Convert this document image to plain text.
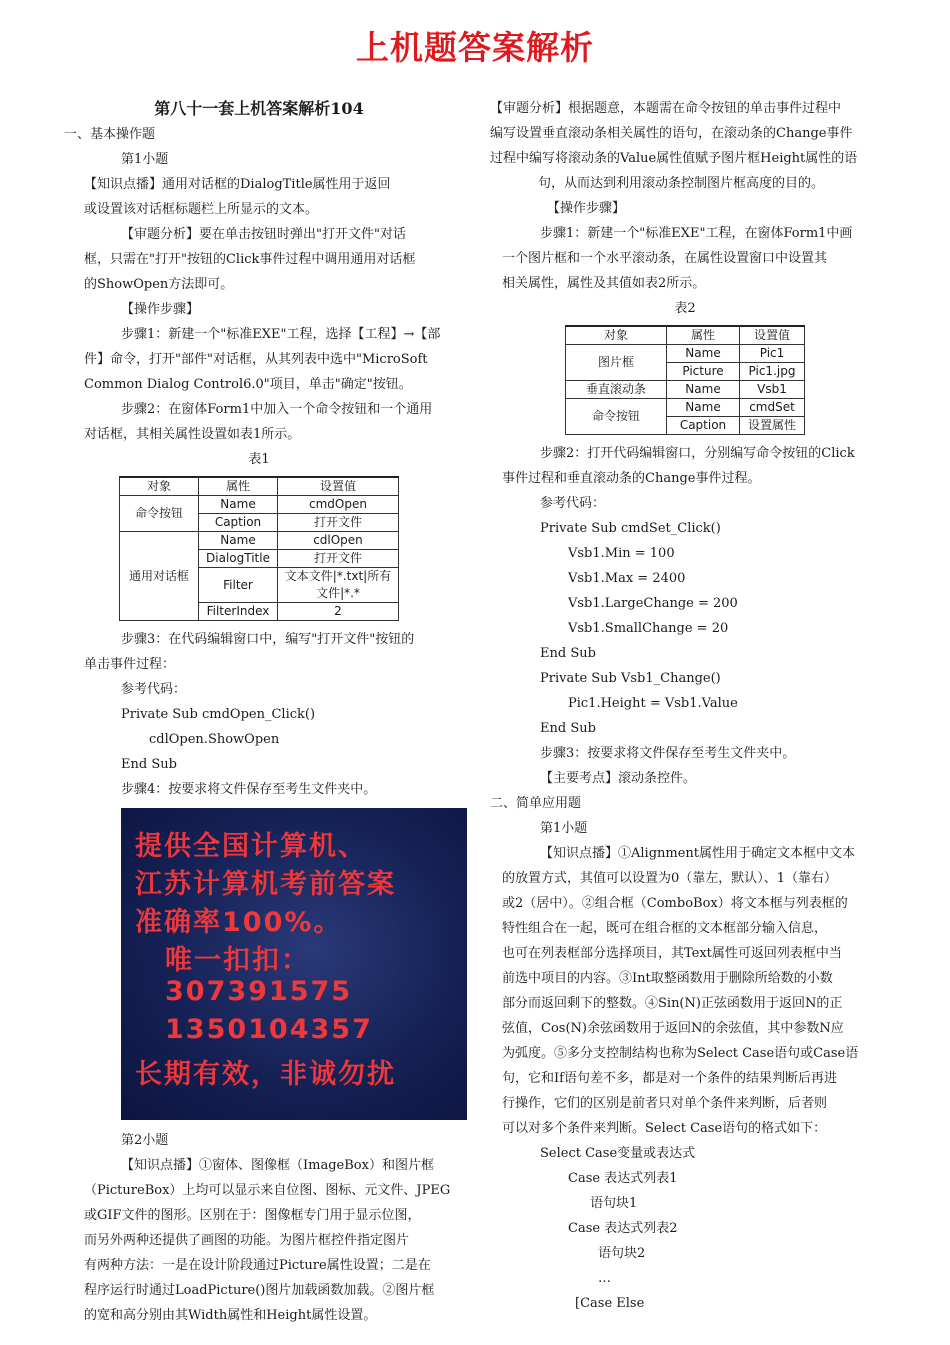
上机题答案解析
第八十一套上机答案解析104
一、基本操作题
第1小题
【知识点播】通用对话框的DialogTitle属性用于返回
或设置该对话框标题栏上所显示的文本。
【审题分析】要在单击按钮时弹出"打开文件"对话
框，只需在"打开"按钮的Click事件过程中调用通用对话框
的ShowOpen方法即可。
【操作步骤】
步骤1：新建一个"标准EXE"工程，选择【工程】→【部
件】命令，打开"部件"对话框，从其列表中选中"MicroSoft
Common Dialog Control6.0"项目，单击"确定"按钮。
步骤2：在窗体Form1中加入一个命令按钮和一个通用
对话框，其相关属性设置如表1所示。
表1
对象	属性	设置值
命令按钮	Name	cmdOpen
	Caption	打开文件
通用对话框	Name	cdlOpen
	DialogTitle	打开文件
	Filter	文本文件|*.txt|所有文件|*.*
	FilterIndex	2
步骤3：在代码编辑窗口中，编写"打开文件"按钮的
单击事件过程：
参考代码：
Private Sub cmdOpen_Click()
cdlOpen.ShowOpen
End Sub
步骤4：按要求将文件保存至考生文件夹中。
提供全国计算机、
江苏计算机考前答案
准确率100%。
唯一扣扣：
307391575
1350104357
长期有效，非诚勿扰
第2小题
【知识点播】①窗体、图像框（ImageBox）和图片框
（PictureBox）上均可以显示来自位图、图标、元文件、JPEG
或GIF文件的图形。区别在于：图像框专门用于显示位图，
而另外两种还提供了画图的功能。为图片框控件指定图片
有两种方法：一是在设计阶段通过Picture属性设置；二是在
程序运行时通过LoadPicture()图片加载函数加载。②图片框
的宽和高分别由其Width属性和Height属性设置。
【审题分析】根据题意，本题需在命令按钮的单击事件过程中
编写设置垂直滚动条相关属性的语句，在滚动条的Change事件
过程中编写将滚动条的Value属性值赋予图片框Height属性的语
句，从而达到利用滚动条控制图片框高度的目的。
【操作步骤】
步骤1：新建一个"标准EXE"工程，在窗体Form1中画
一个图片框和一个水平滚动条，在属性设置窗口中设置其
相关属性，属性及其值如表2所示。
表2
对象	属性	设置值
图片框	Name	Pic1
	Picture	Pic1.jpg
垂直滚动条	Name	Vsb1
命令按钮	Name	cmdSet
	Caption	设置属性
步骤2：打开代码编辑窗口，分别编写命令按钮的Click
事件过程和垂直滚动条的Change事件过程。
参考代码：
Private Sub cmdSet_Click()
Vsb1.Min = 100
Vsb1.Max = 2400
Vsb1.LargeChange = 200
Vsb1.SmallChange = 20
End Sub
Private Sub Vsb1_Change()
Pic1.Height = Vsb1.Value
End Sub
步骤3：按要求将文件保存至考生文件夹中。
【主要考点】滚动条控件。
二、简单应用题
第1小题
【知识点播】①Alignment属性用于确定文本框中文本
的放置方式，其值可以设置为0（靠左，默认）、1（靠右）
或2（居中）。②组合框（ComboBox）将文本框与列表框的
特性组合在一起，既可在组合框的文本框部分输入信息，
也可在列表框部分选择项目，其Text属性可返回列表框中当
前选中项目的内容。③Int取整函数用于删除所给数的小数
部分而返回剩下的整数。④Sin(N)正弦函数用于返回N的正
弦值，Cos(N)余弦函数用于返回N的余弦值，其中参数N应
为弧度。⑤多分支控制结构也称为Select Case语句或Case语
句，它和If语句差不多，都是对一个条件的结果判断后再进
行操作，它们的区别是前者只对单个条件来判断，后者则
可以对多个条件来判断。Select Case语句的格式如下：
Select Case变量或表达式
Case 表达式列表1
语句块1
Case 表达式列表2
语句块2
…
[Case Else
